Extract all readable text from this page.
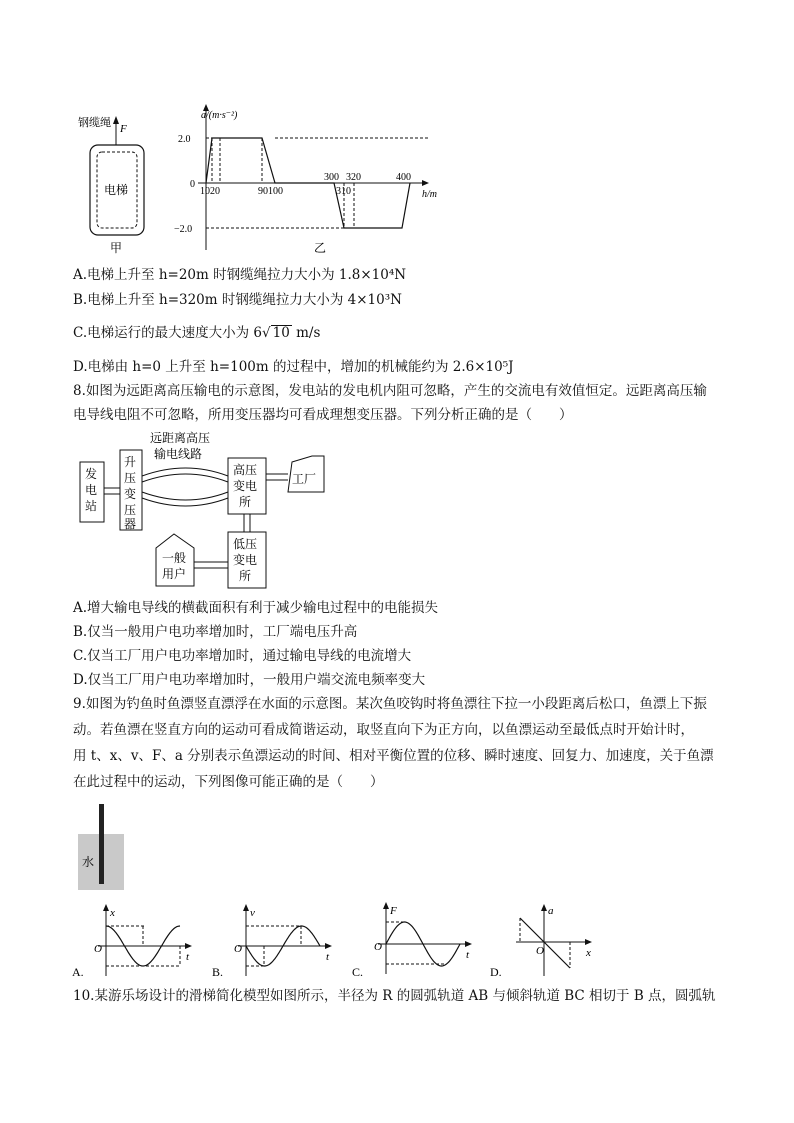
钢缆绳 F
电梯
甲
a/(m·s⁻²)
h/m
2.0
0
−2.0
1020	90100
300 320	400
310
乙
A.电梯上升至 h=20m 时钢缆绳拉力大小为 1.8×10⁴N
B.电梯上升至 h=320m 时钢缆绳拉力大小为 4×10³N
C.电梯运行的最大速度大小为 6√ 10 m/s
D.电梯由 h=0 上升至 h=100m 的过程中，增加的机械能约为 2.6×10⁵J
8.如图为远距离高压输电的示意图，发电站的发电机内阻可忽略，产生的交流电有效值恒定。远距离高压输
电导线电阻不可忽略，所用变压器均可看成理想变压器。下列分析正确的是（　　）
发 电 站
升压变压器
远距离高压
输电线路
高压变电所
工厂
低压变电所
一般用户
A.增大输电导线的横截面积有利于减少输电过程中的电能损失
B.仅当一般用户电功率增加时，工厂端电压升高
C.仅当工厂用户电功率增加时，通过输电导线的电流增大
D.仅当工厂用户电功率增加时，一般用户端交流电频率变大
9.如图为钓鱼时鱼漂竖直漂浮在水面的示意图。某次鱼咬钩时将鱼漂往下拉一小段距离后松口，鱼漂上下振
动。若鱼漂在竖直方向的运动可看成简谐运动，取竖直向下为正方向，以鱼漂运动至最低点时开始计时，
用 t、x、v、F、a 分别表示鱼漂运动的时间、相对平衡位置的位移、瞬时速度、回复力、加速度，关于鱼漂
在此过程中的运动，下列图像可能正确的是（　　）
水
x
t
O
A.
v
t
O
B.
F
t
O
C.
a
x
O
D.
10.某游乐场设计的滑梯简化模型如图所示，半径为 R 的圆弧轨道 AB 与倾斜轨道 BC 相切于 B 点，圆弧轨
